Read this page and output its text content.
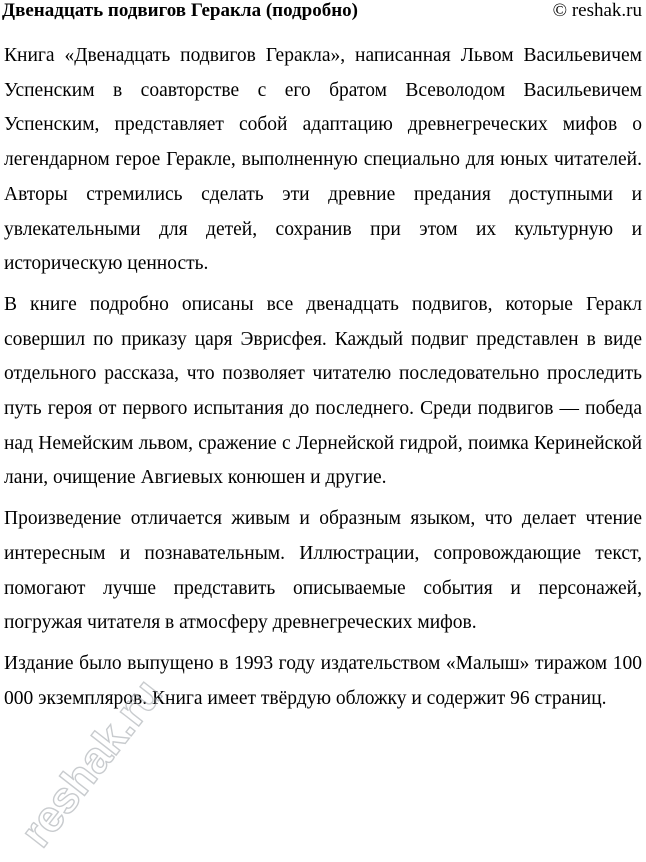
Двенадцать подвигов Геракла (подробно)	© reshak.ru

Книга «Двенадцать подвигов Геракла», написанная Львом Васильевичем Успенским в соавторстве с его братом Всеволодом Васильевичем Успенским, представляет собой адаптацию древнегреческих мифов о легендарном герое Геракле, выполненную специально для юных читателей. Авторы стремились сделать эти древние предания доступными и увлекательными для детей, сохранив при этом их культурную и историческую ценность.

В книге подробно описаны все двенадцать подвигов, которые Геракл совершил по приказу царя Эврисфея. Каждый подвиг представлен в виде отдельного рассказа, что позволяет читателю последовательно проследить путь героя от первого испытания до последнего. Среди подвигов — победа над Немейским львом, сражение с Лернейской гидрой, поимка Керинейской лани, очищение Авгиевых конюшен и другие.

Произведение отличается живым и образным языком, что делает чтение интересным и познавательным. Иллюстрации, сопровождающие текст, помогают лучше представить описываемые события и персонажей, погружая читателя в атмосферу древнегреческих мифов.

Издание было выпущено в 1993 году издательством «Малыш» тиражом 100 000 экземпляров. Книга имеет твёрдую обложку и содержит 96 страниц.

reshak.ru
